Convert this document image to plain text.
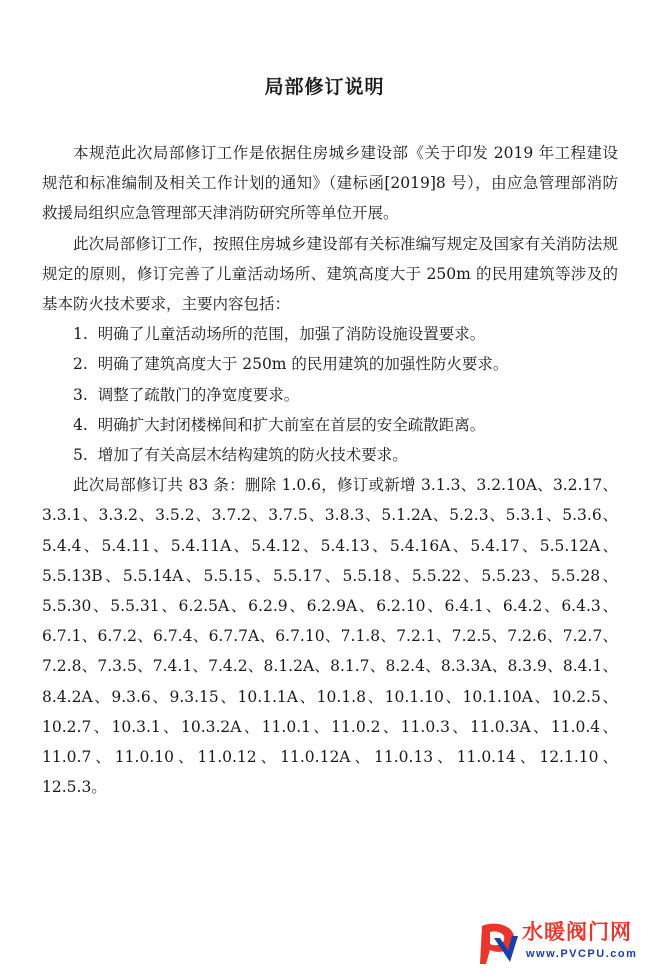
局部修订说明

本规范此次局部修订工作是依据住房城乡建设部《关于印发 2019 年工程建设规范和标准编制及相关工作计划的通知》（建标函[2019]8 号），由应急管理部消防救援局组织应急管理部天津消防研究所等单位开展。

此次局部修订工作，按照住房城乡建设部有关标准编写规定及国家有关消防法规规定的原则，修订完善了儿童活动场所、建筑高度大于 250m 的民用建筑等涉及的基本防火技术要求，主要内容包括：

1. 明确了儿童活动场所的范围，加强了消防设施设置要求。
2. 明确了建筑高度大于 250m 的民用建筑的加强性防火要求。
3. 调整了疏散门的净宽度要求。
4. 明确扩大封闭楼梯间和扩大前室在首层的安全疏散距离。
5. 增加了有关高层木结构建筑的防火技术要求。

此次局部修订共 83 条：删除 1.0.6，修订或新增 3.1.3、3.2.10A、3.2.17、3.3.1、3.3.2、3.5.2、3.7.2、3.7.5、3.8.3、5.1.2A、5.2.3、5.3.1、5.3.6、5.4.4、5.4.11、5.4.11A、5.4.12、5.4.13、5.4.16A、5.4.17、5.5.12A、5.5.13B、5.5.14A、5.5.15、5.5.17、5.5.18、5.5.22、5.5.23、5.5.28、5.5.30、5.5.31、6.2.5A、6.2.9、6.2.9A、6.2.10、6.4.1、6.4.2、6.4.3、6.7.1、6.7.2、6.7.4、6.7.7A、6.7.10、7.1.8、7.2.1、7.2.5、7.2.6、7.2.7、7.2.8、7.3.5、7.4.1、7.4.2、8.1.2A、8.1.7、8.2.4、8.3.3A、8.3.9、8.4.1、8.4.2A、9.3.6、9.3.15、10.1.1A、10.1.8、10.1.10、10.1.10A、10.2.5、10.2.7、10.3.1、10.3.2A、11.0.1、11.0.2、11.0.3、11.0.3A、11.0.4、11.0.7、11.0.10、11.0.12、11.0.12A、11.0.13、11.0.14、12.1.10、12.5.3。

水暖阀门网
www.PVCPU.com
